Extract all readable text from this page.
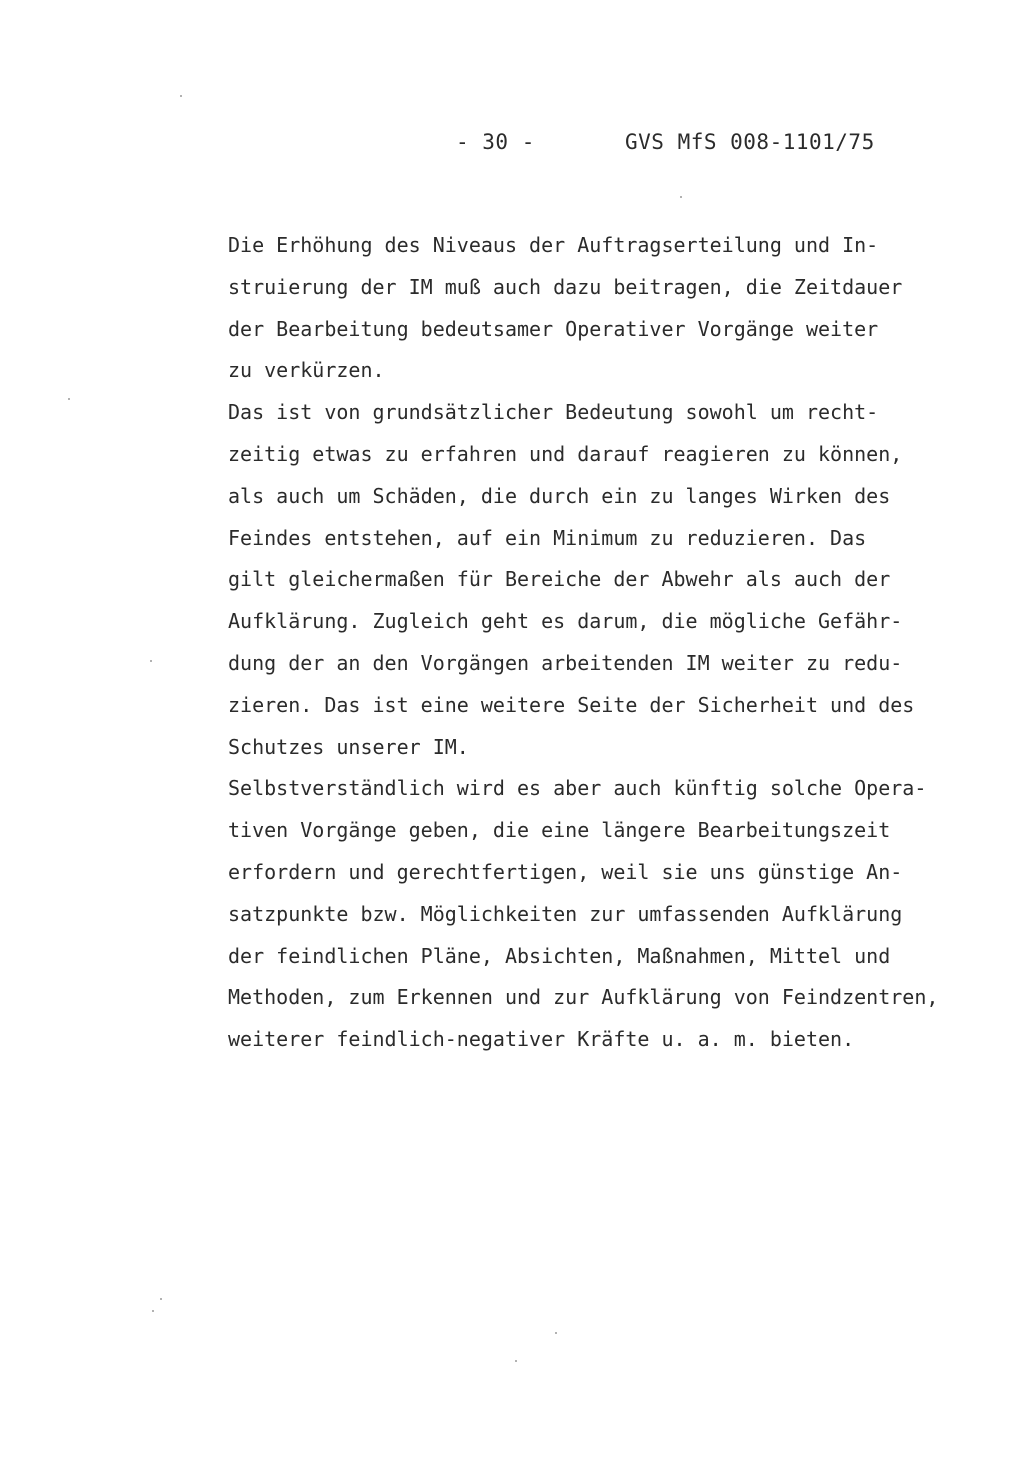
- 30 -	GVS MfS 008-1101/75
Die Erhöhung des Niveaus der Auftragserteilung und In-
struierung der IM muß auch dazu beitragen, die Zeitdauer
der Bearbeitung bedeutsamer Operativer Vorgänge weiter
zu verkürzen.
Das ist von grundsätzlicher Bedeutung sowohl um recht-
zeitig etwas zu erfahren und darauf reagieren zu können,
als auch um Schäden, die durch ein zu langes Wirken des
Feindes entstehen, auf ein Minimum zu reduzieren. Das
gilt gleichermaßen für Bereiche der Abwehr als auch der
Aufklärung. Zugleich geht es darum, die mögliche Gefähr-
dung der an den Vorgängen arbeitenden IM weiter zu redu-
zieren. Das ist eine weitere Seite der Sicherheit und des
Schutzes unserer IM.
Selbstverständlich wird es aber auch künftig solche Opera-
tiven Vorgänge geben, die eine längere Bearbeitungszeit
erfordern und gerechtfertigen, weil sie uns günstige An-
satzpunkte bzw. Möglichkeiten zur umfassenden Aufklärung
der feindlichen Pläne, Absichten, Maßnahmen, Mittel und
Methoden, zum Erkennen und zur Aufklärung von Feindzentren,
weiterer feindlich-negativer Kräfte u. a. m. bieten.
